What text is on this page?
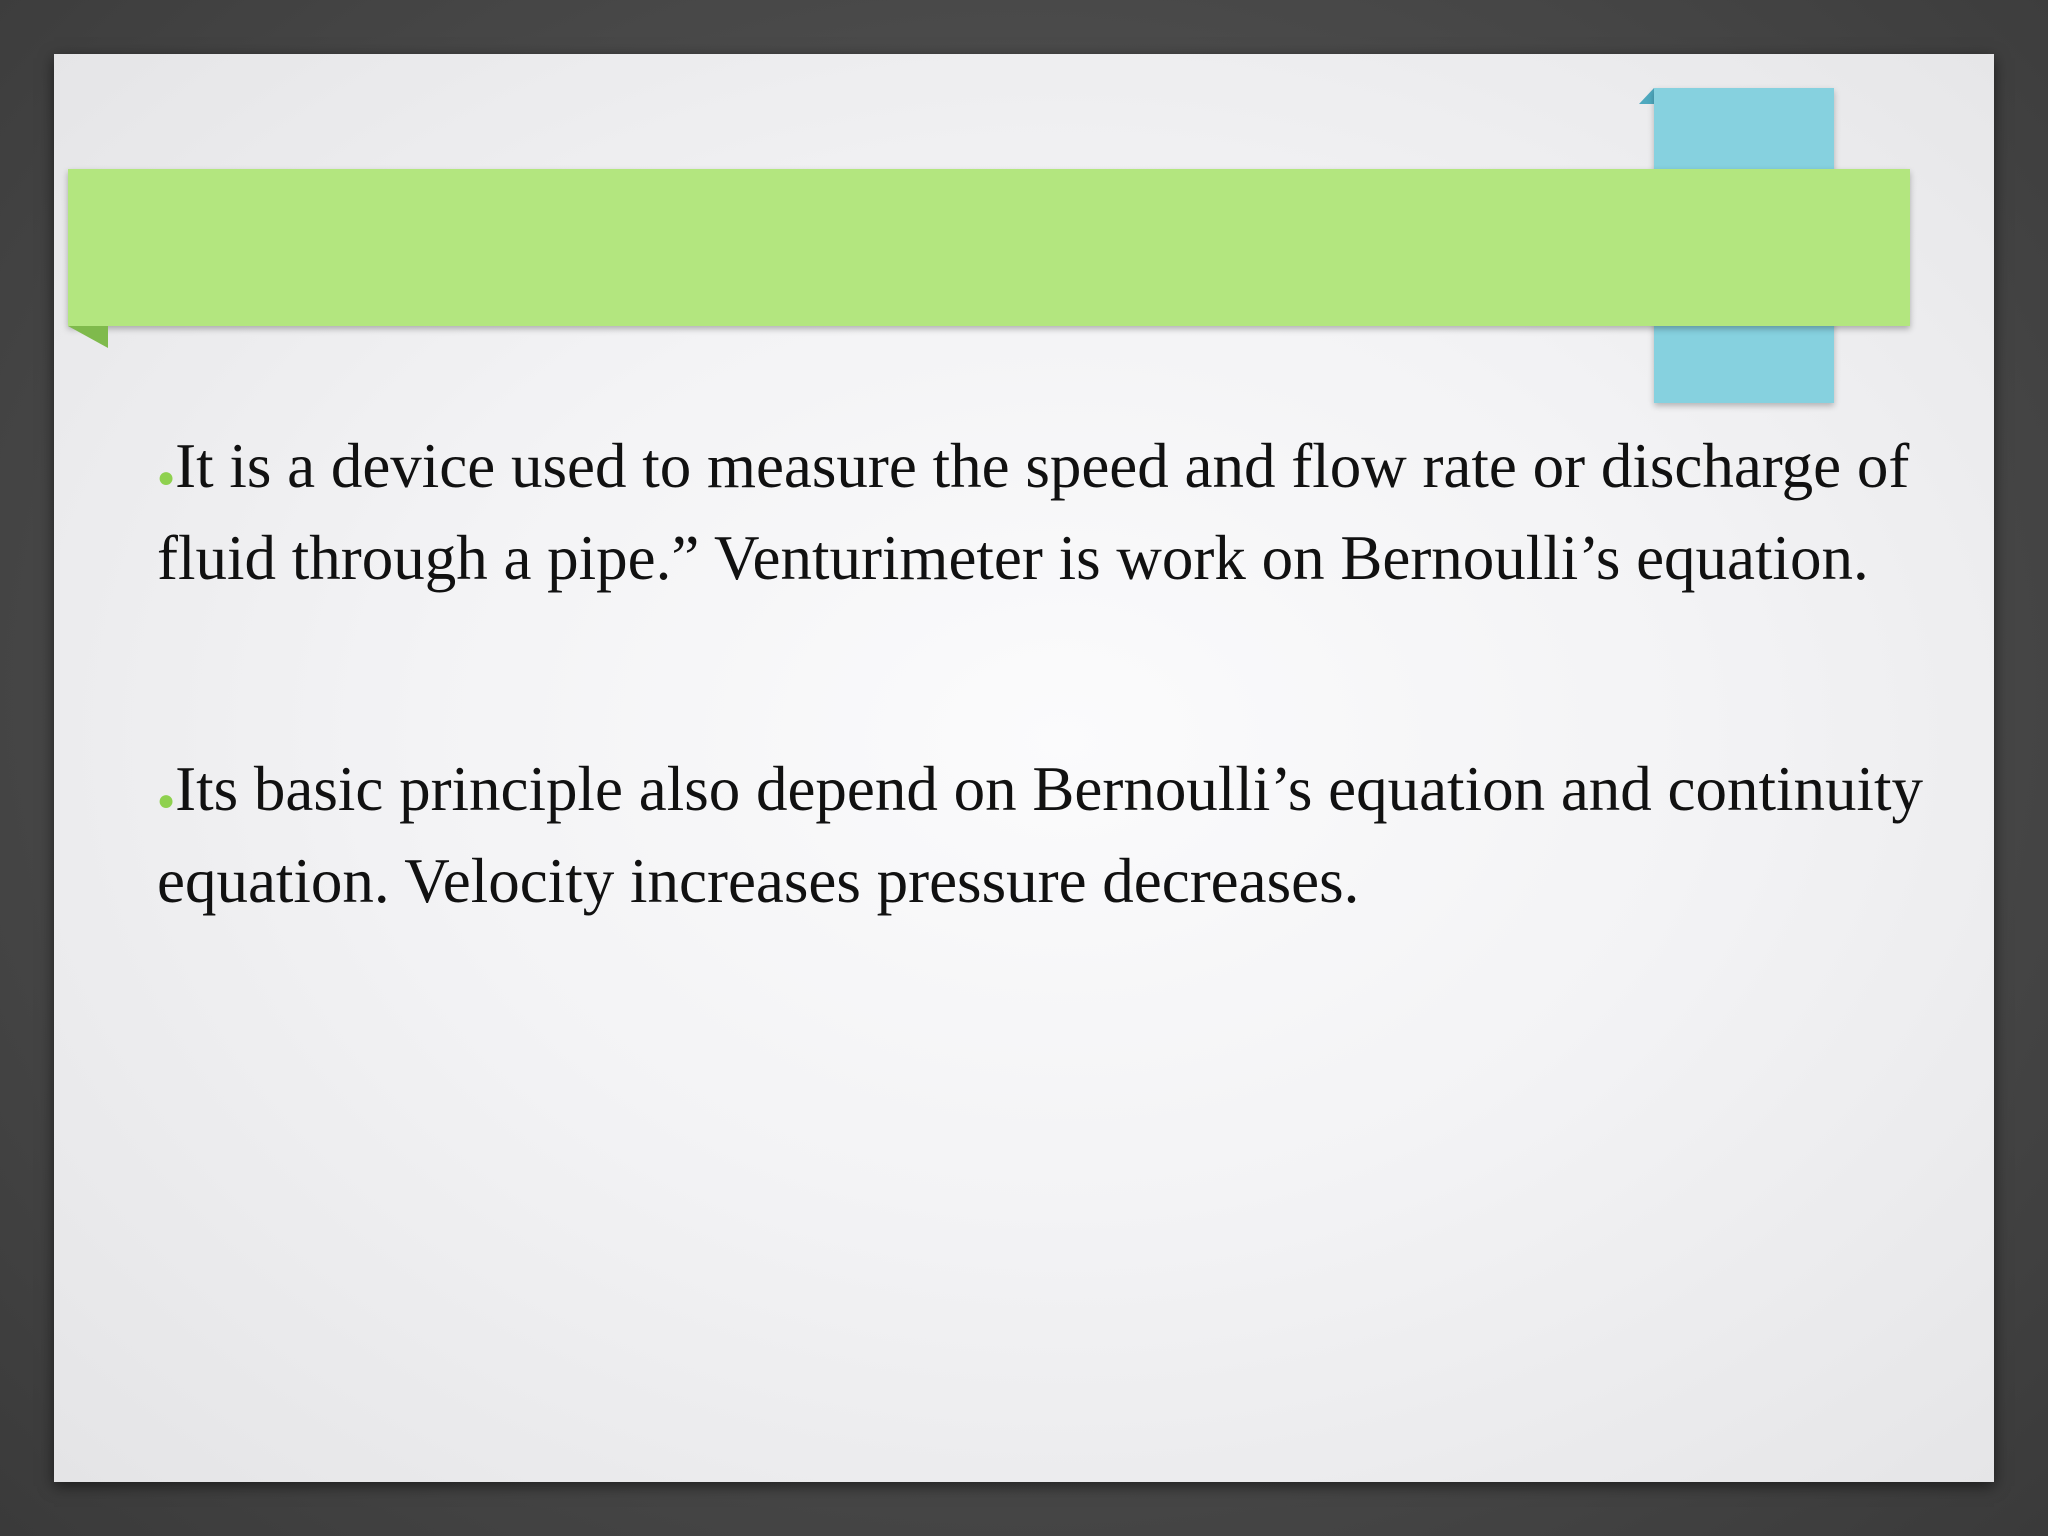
●It is a device used to measure the speed and flow rate or discharge of fluid through a pipe.” Venturimeter is work on Bernoulli’s equation.

●Its basic principle also depend on Bernoulli’s equation and continuity equation. Velocity increases pressure decreases.
